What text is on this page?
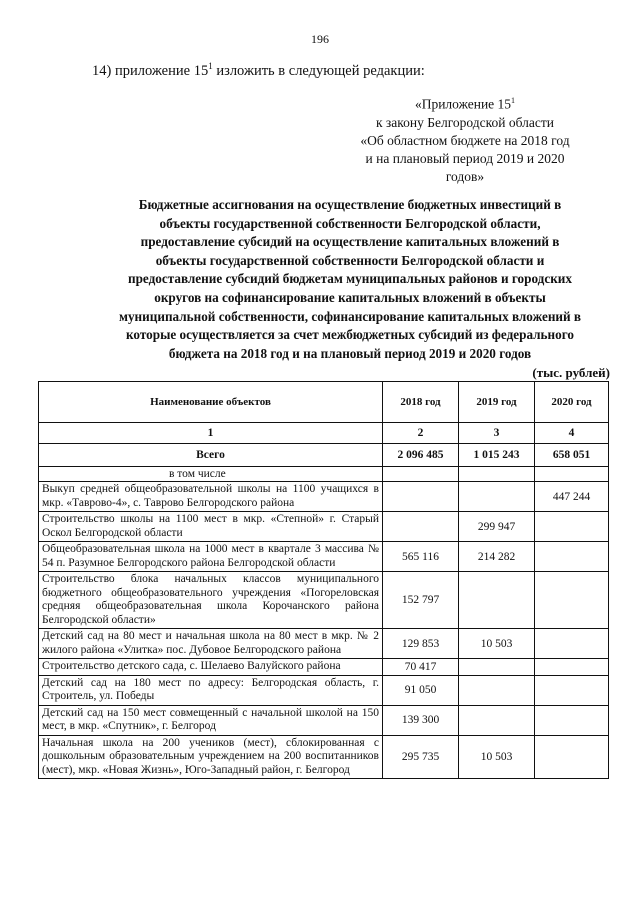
196
14) приложение $15^1$ изложить в следующей редакции:
«Приложение $15^1$
к закону Белгородской области
«Об областном бюджете на 2018 год
и на плановый период 2019 и 2020
годов»
Бюджетные ассигнования на осуществление бюджетных инвестиций в
объекты государственной собственности Белгородской области,
предоставление субсидий на осуществление капитальных вложений в
объекты государственной собственности Белгородской области и
предоставление субсидий бюджетам муниципальных районов и городских
округов на софинансирование капитальных вложений в объекты
муниципальной собственности, софинансирование капитальных вложений в
которые осуществляется за счет межбюджетных субсидий из федерального
бюджета на 2018 год и на плановый период 2019 и 2020 годов
(тыс. рублей)
Наименование объектов	2018 год	2019 год	2020 год
1	2	3	4
Всего	2 096 485	1 015 243	658 051
в том числе			
Выкуп средней общеобразовательной школы на 1100 учащихся в мкр. «Таврово-4», с. Таврово Белгородского района			447 244
Строительство школы на 1100 мест в мкр. «Степной» г. Старый Оскол Белгородской области		299 947	
Общеобразовательная школа на 1000 мест в квартале 3 массива № 54 п. Разумное Белгородского района Белгородской области	565 116	214 282	
Строительство блока начальных классов муниципального бюджетного общеобразовательного учреждения «Погореловская средняя общеобразовательная школа Корочанского района Белгородской области»	152 797		
Детский сад на 80 мест и начальная школа на 80 мест в мкр. № 2 жилого района «Улитка» пос. Дубовое Белгородского района	129 853	10 503	
Строительство детского сада, с. Шелаево Валуйского района	70 417		
Детский сад на 180 мест по адресу: Белгородская область, г. Строитель, ул. Победы	91 050		
Детский сад на 150 мест совмещенный с начальной школой на 150 мест, в мкр. «Спутник», г. Белгород	139 300		
Начальная школа на 200 учеников (мест), сблокированная с дошкольным образовательным учреждением на 200 воспитанников (мест), мкр. «Новая Жизнь», Юго-Западный район, г. Белгород	295 735	10 503	
